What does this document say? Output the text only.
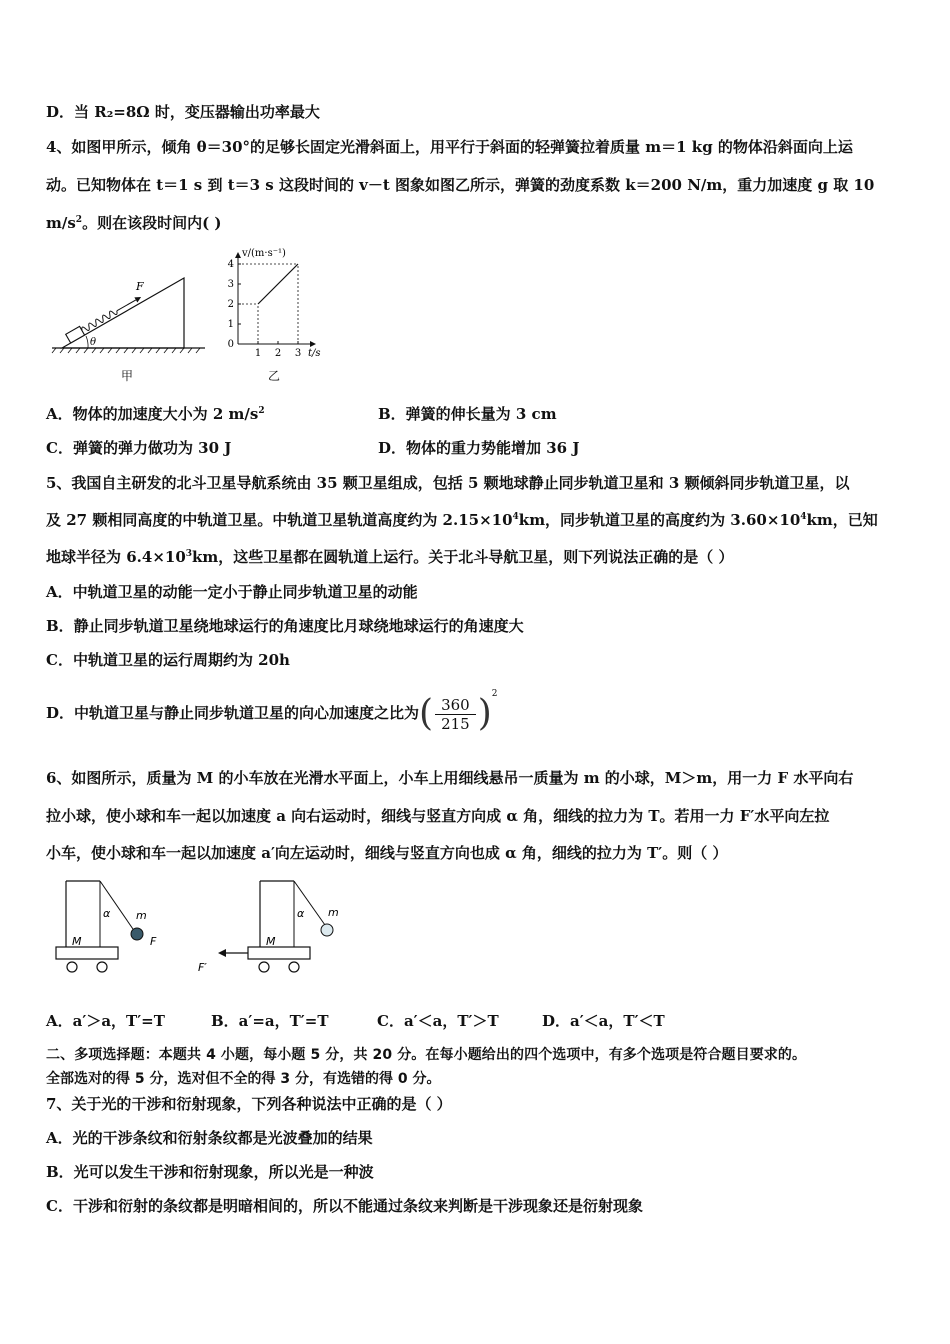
D．当 R₂=8Ω 时，变压器输出功率最大
4、如图甲所示，倾角 θ＝30°的足够长固定光滑斜面上，用平行于斜面的轻弹簧拉着质量 m＝1 kg 的物体沿斜面向上运
动。已知物体在 t＝1 s 到 t＝3 s 这段时间的 v－t 图象如图乙所示，弹簧的劲度系数 k＝200 N/m，重力加速度 g 取 10
$m/s^2$。则在该段时间内( )
θ
F
甲
0
1
2
3
4
1 2 3 t/s
v/(m·s⁻¹)
乙
A．物体的加速度大小为 2 $m/s^2$	B．弹簧的伸长量为 3 cm
C．弹簧的弹力做功为 30 J	D．物体的重力势能增加 36 J
5、我国自主研发的北斗卫星导航系统由 35 颗卫星组成，包括 5 颗地球静止同步轨道卫星和 3 颗倾斜同步轨道卫星，以
及 27 颗相同高度的中轨道卫星。中轨道卫星轨道高度约为 $2.15\times 10^4km$，同步轨道卫星的高度约为 $3.60\times 10^4km$，已知
地球半径为 $6.4\times 10^3km$，这些卫星都在圆轨道上运行。关于北斗导航卫星，则下列说法正确的是（ ）
A．中轨道卫星的动能一定小于静止同步轨道卫星的动能
B．静止同步轨道卫星绕地球运行的角速度比月球绕地球运行的角速度大
C．中轨道卫星的运行周期约为 20h
D．中轨道卫星与静止同步轨道卫星的向心加速度之比为( $\frac{360}{215} )^2$
6、如图所示，质量为 M 的小车放在光滑水平面上，小车上用细线悬吊一质量为 m 的小球，M＞m，用一力 F 水平向右
拉小球，使小球和车一起以加速度 a 向右运动时，细线与竖直方向成 α 角，细线的拉力为 T。若用一力 F′水平向左拉
小车，使小球和车一起以加速度 a′向左运动时，细线与竖直方向也成 α 角，细线的拉力为 T′。则（ ）
α m
M	F
α m
M
F′
A．a′＞a，T′=T	B．a′=a，T′=T	C．a′＜a，T′＞T	D．a′＜a，T′＜T
二、多项选择题：本题共 4 小题，每小题 5 分，共 20 分。在每小题给出的四个选项中，有多个选项是符合题目要求的。
全部选对的得 5 分，选对但不全的得 3 分，有选错的得 0 分。
7、关于光的干涉和衍射现象，下列各种说法中正确的是（ ）
A．光的干涉条纹和衍射条纹都是光波叠加的结果
B．光可以发生干涉和衍射现象，所以光是一种波
C．干涉和衍射的条纹都是明暗相间的，所以不能通过条纹来判断是干涉现象还是衍射现象
